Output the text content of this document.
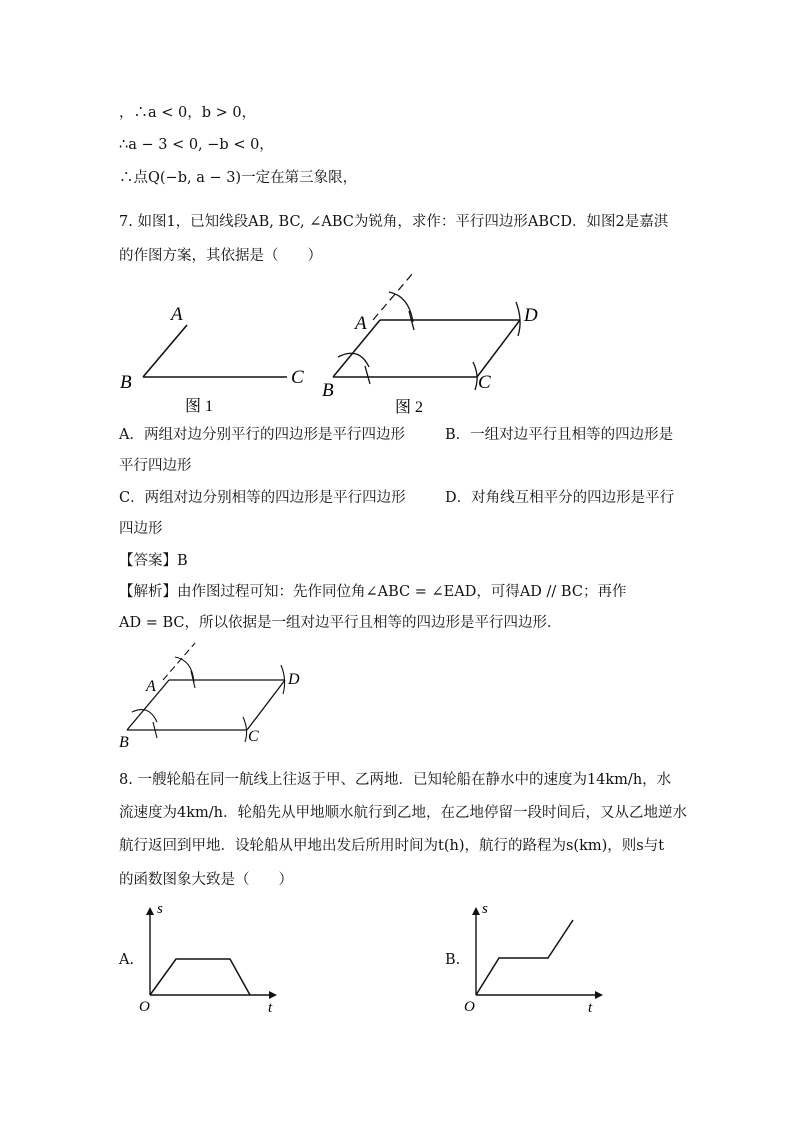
，∴a < 0，b > 0，
∴a − 3 < 0, −b < 0，
∴点Q(−b, a − 3)一定在第三象限，
7. 如图1，已知线段AB, BC, ∠ABC为锐角，求作：平行四边形ABCD．如图2是嘉淇
的作图方案，其依据是（　　）
A
B	C
图 1
A
B	C
D
图 2
A．两组对边分别平行的四边形是平行四边形	B．一组对边平行且相等的四边形是
平行四边形
C．两组对边分别相等的四边形是平行四边形	D．对角线互相平分的四边形是平行
四边形
【答案】B
【解析】由作图过程可知：先作同位角∠ABC = ∠EAD，可得AD // BC；再作
AD = BC，所以依据是一组对边平行且相等的四边形是平行四边形．
A
B	C
D
8. 一艘轮船在同一航线上往返于甲、乙两地．已知轮船在静水中的速度为14km/h，水
流速度为4km/h．轮船先从甲地顺水航行到乙地，在乙地停留一段时间后，又从乙地逆水
航行返回到甲地．设轮船从甲地出发后所用时间为t(h)，航行的路程为s(km)，则s与t
的函数图象大致是（　　）
A.
s
t
O
B.
s
t
O
